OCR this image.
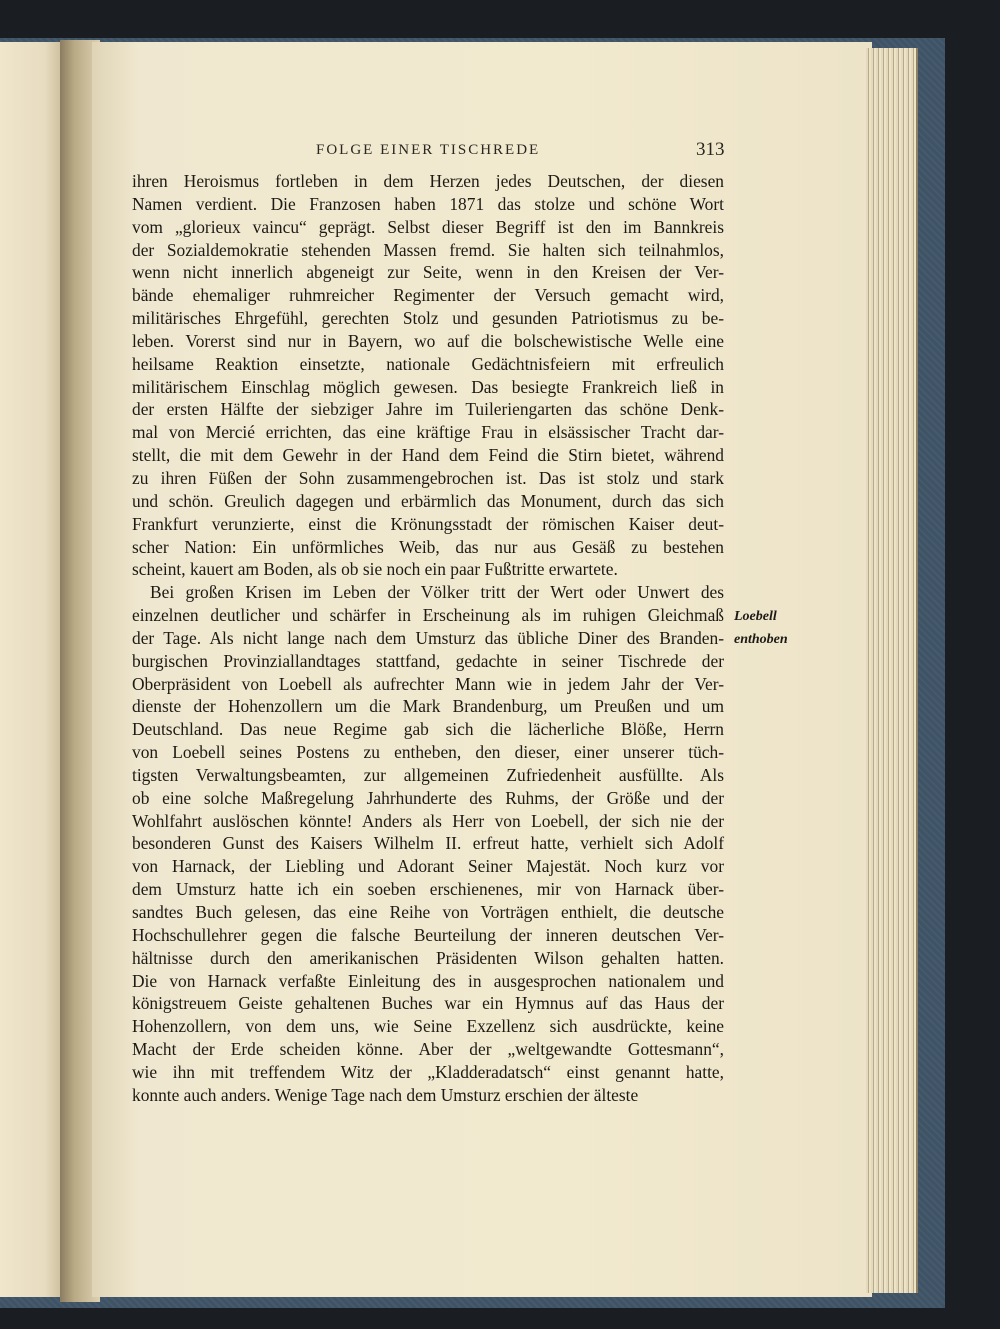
FOLGE EINER TISCHREDE	313
ihren Heroismus fortleben in dem Herzen jedes Deutschen, der diesen
Namen verdient. Die Franzosen haben 1871 das stolze und schöne Wort
vom „glorieux vaincu“ geprägt. Selbst dieser Begriff ist den im Bannkreis
der Sozialdemokratie stehenden Massen fremd. Sie halten sich teilnahmlos,
wenn nicht innerlich abgeneigt zur Seite, wenn in den Kreisen der Ver-
bände ehemaliger ruhmreicher Regimenter der Versuch gemacht wird,
militärisches Ehrgefühl, gerechten Stolz und gesunden Patriotismus zu be-
leben. Vorerst sind nur in Bayern, wo auf die bolschewistische Welle eine
heilsame Reaktion einsetzte, nationale Gedächtnisfeiern mit erfreulich
militärischem Einschlag möglich gewesen. Das besiegte Frankreich ließ in
der ersten Hälfte der siebziger Jahre im Tuileriengarten das schöne Denk-
mal von Mercié errichten, das eine kräftige Frau in elsässischer Tracht dar-
stellt, die mit dem Gewehr in der Hand dem Feind die Stirn bietet, während
zu ihren Füßen der Sohn zusammengebrochen ist. Das ist stolz und stark
und schön. Greulich dagegen und erbärmlich das Monument, durch das sich
Frankfurt verunzierte, einst die Krönungsstadt der römischen Kaiser deut-
scher Nation: Ein unförmliches Weib, das nur aus Gesäß zu bestehen
scheint, kauert am Boden, als ob sie noch ein paar Fußtritte erwartete.
Bei großen Krisen im Leben der Völker tritt der Wert oder Unwert des
einzelnen deutlicher und schärfer in Erscheinung als im ruhigen Gleichmaß
der Tage. Als nicht lange nach dem Umsturz das übliche Diner des Branden-
burgischen Provinziallandtages stattfand, gedachte in seiner Tischrede der
Oberpräsident von Loebell als aufrechter Mann wie in jedem Jahr der Ver-
dienste der Hohenzollern um die Mark Brandenburg, um Preußen und um
Deutschland. Das neue Regime gab sich die lächerliche Blöße, Herrn
von Loebell seines Postens zu entheben, den dieser, einer unserer tüch-
tigsten Verwaltungsbeamten, zur allgemeinen Zufriedenheit ausfüllte. Als
ob eine solche Maßregelung Jahrhunderte des Ruhms, der Größe und der
Wohlfahrt auslöschen könnte! Anders als Herr von Loebell, der sich nie der
besonderen Gunst des Kaisers Wilhelm II. erfreut hatte, verhielt sich Adolf
von Harnack, der Liebling und Adorant Seiner Majestät. Noch kurz vor
dem Umsturz hatte ich ein soeben erschienenes, mir von Harnack über-
sandtes Buch gelesen, das eine Reihe von Vorträgen enthielt, die deutsche
Hochschullehrer gegen die falsche Beurteilung der inneren deutschen Ver-
hältnisse durch den amerikanischen Präsidenten Wilson gehalten hatten.
Die von Harnack verfaßte Einleitung des in ausgesprochen nationalem und
königstreuem Geiste gehaltenen Buches war ein Hymnus auf das Haus der
Hohenzollern, von dem uns, wie Seine Exzellenz sich ausdrückte, keine
Macht der Erde scheiden könne. Aber der „weltgewandte Gottesmann“,
wie ihn mit treffendem Witz der „Kladderadatsch“ einst genannt hatte,
konnte auch anders. Wenige Tage nach dem Umsturz erschien der älteste
Loebell
enthoben
